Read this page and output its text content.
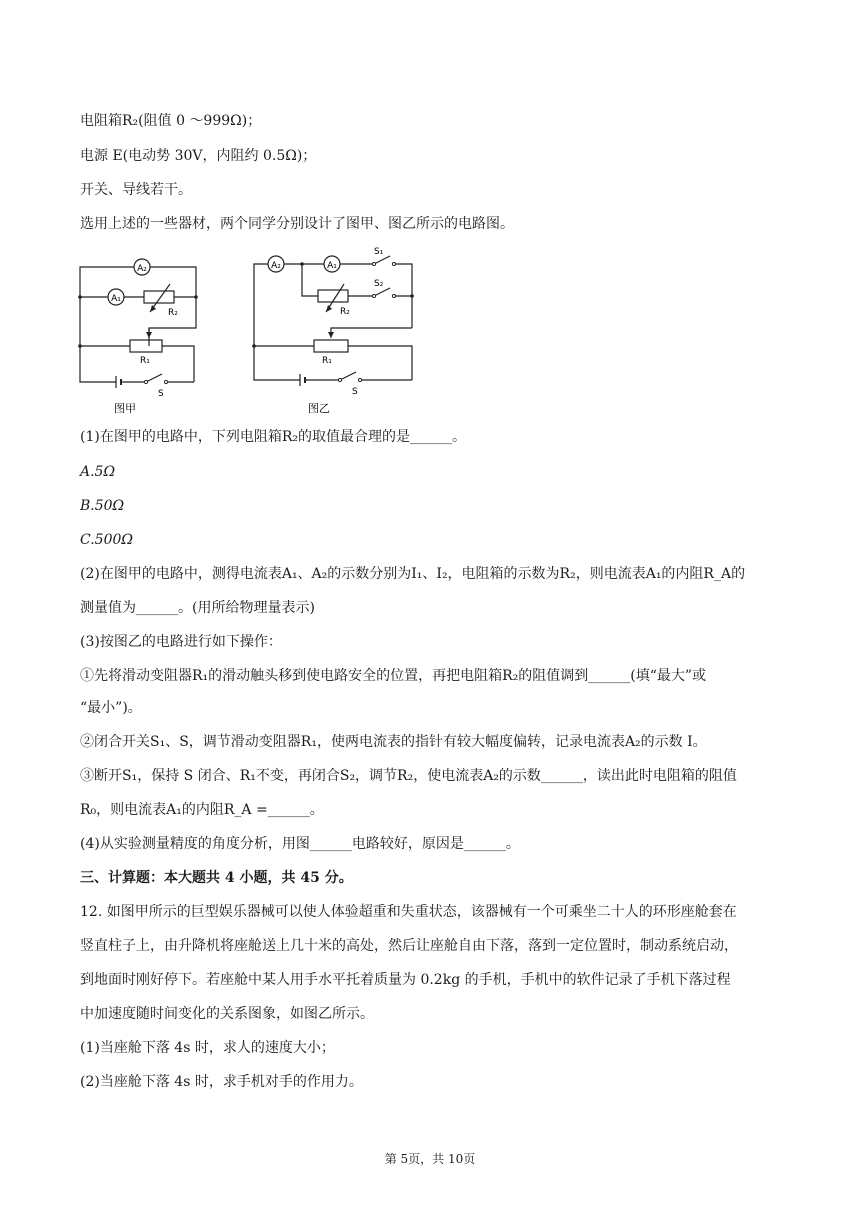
电阻箱R₂(阻值 0 ～999Ω)；
电源 E(电动势 30V，内阻约 0.5Ω)；
开关、导线若干。
选用上述的一些器材，两个同学分别设计了图甲、图乙所示的电路图。
A₂
A₁
R₂
R₁
S
图甲
A₂	A₁
S₁
S₂
R₂
R₁
S
图乙
(1)在图甲的电路中，下列电阻箱R₂的取值最合理的是______。
A.5Ω
B.50Ω
C.500Ω
(2)在图甲的电路中，测得电流表A₁、A₂的示数分别为I₁、I₂，电阻箱的示数为R₂，则电流表A₁的内阻R_A的
测量值为______。(用所给物理量表示)
(3)按图乙的电路进行如下操作：
①先将滑动变阻器R₁的滑动触头移到使电路安全的位置，再把电阻箱R₂的阻值调到______(填“最大”或
“最小”)。
②闭合开关S₁、S，调节滑动变阻器R₁，使两电流表的指针有较大幅度偏转，记录电流表A₂的示数 I。
③断开S₁，保持 S 闭合、R₁不变，再闭合S₂，调节R₂，使电流表A₂的示数______，读出此时电阻箱的阻值
R₀，则电流表A₁的内阻R_A =______。
(4)从实验测量精度的角度分析，用图______电路较好，原因是______。
三、计算题：本大题共 4 小题，共 45 分。
12. 如图甲所示的巨型娱乐器械可以使人体验超重和失重状态，该器械有一个可乘坐二十人的环形座舱套在
竖直柱子上，由升降机将座舱送上几十米的高处，然后让座舱自由下落，落到一定位置时，制动系统启动，
到地面时刚好停下。若座舱中某人用手水平托着质量为 0.2kg 的手机，手机中的软件记录了手机下落过程
中加速度随时间变化的关系图象，如图乙所示。
(1)当座舱下落 4s 时，求人的速度大小；
(2)当座舱下落 4s 时，求手机对手的作用力。
第 5页，共 10页
